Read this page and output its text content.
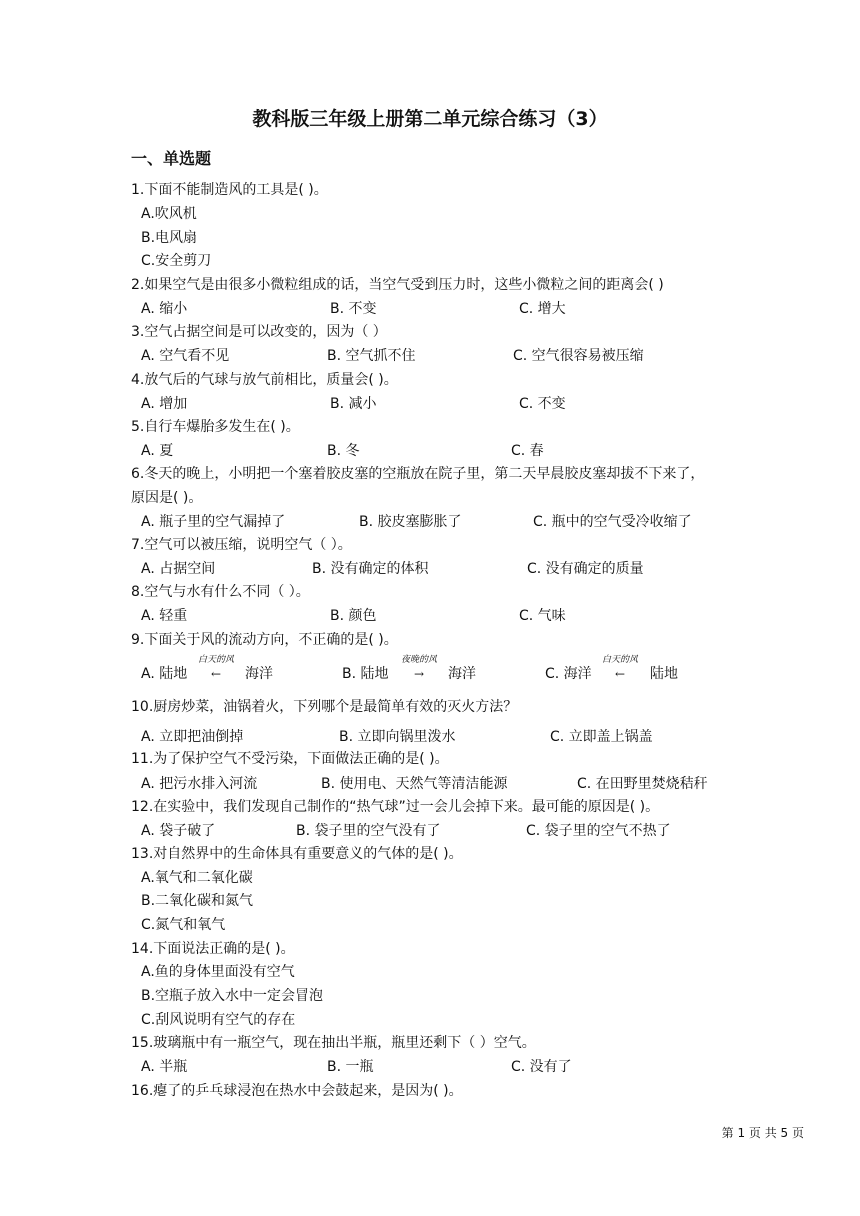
教科版三年级上册第二单元综合练习（3）
一、单选题
1.下面不能制造风的工具是( )。
A.吹风机
B.电风扇
C.安全剪刀
2.如果空气是由很多小微粒组成的话，当空气受到压力时，这些小微粒之间的距离会( )
A. 缩小	B. 不变	C. 增大
3.空气占据空间是可以改变的，因为（ ）
A. 空气看不见	B. 空气抓不住	C. 空气很容易被压缩
4.放气后的气球与放气前相比，质量会( )。
A. 增加	B. 减小	C. 不变
5.自行车爆胎多发生在( )。
A. 夏	B. 冬	C. 春
6.冬天的晚上，小明把一个塞着胶皮塞的空瓶放在院子里，第二天早晨胶皮塞却拔不下来了，
原因是( )。
A. 瓶子里的空气漏掉了	B. 胶皮塞膨胀了	C. 瓶中的空气受冷收缩了
7.空气可以被压缩，说明空气（ ）。
A. 占据空间	B. 没有确定的体积	C. 没有确定的质量
8.空气与水有什么不同（ ）。
A. 轻重	B. 颜色	C. 气味
9.下面关于风的流动方向，不正确的是( )。
A. 陆地
白天的风
←	海洋	B. 陆地
夜晚的风
→	海洋	C. 海洋
白天的风
←	陆地
10.厨房炒菜，油锅着火，下列哪个是最简单有效的灭火方法？
A. 立即把油倒掉	B. 立即向锅里泼水	C. 立即盖上锅盖
11.为了保护空气不受污染，下面做法正确的是( )。
A. 把污水排入河流	B. 使用电、天然气等清洁能源	C. 在田野里焚烧秸秆
12.在实验中，我们发现自己制作的“热气球”过一会儿会掉下来。最可能的原因是( )。
A. 袋子破了	B. 袋子里的空气没有了	C. 袋子里的空气不热了
13.对自然界中的生命体具有重要意义的气体的是( )。
A.氧气和二氧化碳
B.二氧化碳和氮气
C.氮气和氧气
14.下面说法正确的是( )。
A.鱼的身体里面没有空气
B.空瓶子放入水中一定会冒泡
C.刮风说明有空气的存在
15.玻璃瓶中有一瓶空气，现在抽出半瓶，瓶里还剩下（ ）空气。
A. 半瓶	B. 一瓶	C. 没有了
16.瘪了的乒乓球浸泡在热水中会鼓起来，是因为( )。
第 1 页 共 5 页
